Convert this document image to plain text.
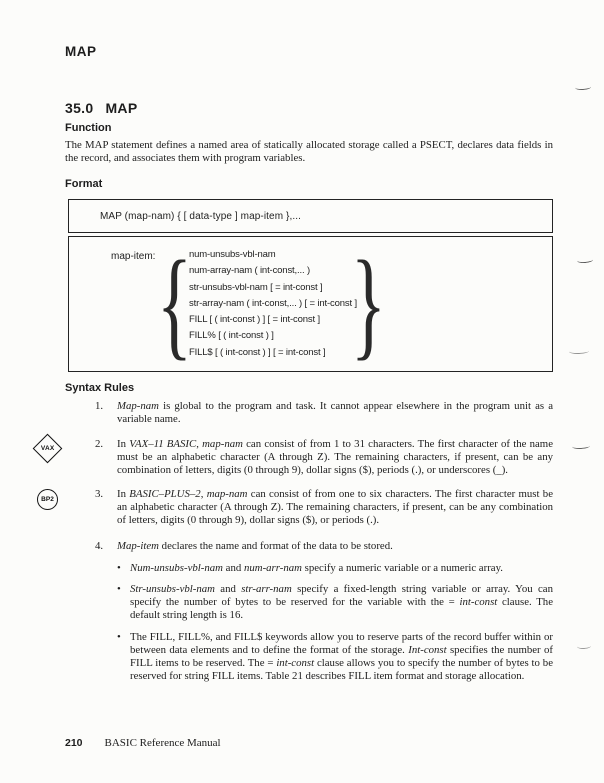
MAP
35.0 MAP
Function
The MAP statement defines a named area of statically allocated storage called a PSECT, declares data fields in the record, and associates them with program variables.
Format
MAP (map-nam) { [ data-type ] map-item },...
map-item: {
num-unsubs-vbl-nam
num-array-nam ( int-const,... )
str-unsubs-vbl-nam [ = int-const ]
str-array-nam ( int-const,... ) [ = int-const ]
FILL [ ( int-const ) ] [ = int-const ]
FILL% [ ( int-const ) ]
FILL$ [ ( int-const ) ] [ = int-const ] }
Syntax Rules
1.	Map-nam is global to the program and task. It cannot appear elsewhere in the program unit as a variable name.
2.	In VAX–11 BASIC, map-nam can consist of from 1 to 31 characters. The first character of the name must be an alphabetic character (A through Z). The remaining characters, if present, can be any combination of letters, digits (0 through 9), dollar signs ($), periods (.), or underscores (_).
3.	In BASIC–PLUS–2, map-nam can consist of from one to six characters. The first character must be an alphabetic character (A through Z). The remaining characters, if present, can be any combination of letters, digits (0 through 9), dollar signs ($), or periods (.).
4.	Map-item declares the name and format of the data to be stored.
• Num-unsubs-vbl-nam and num-arr-nam specify a numeric variable or a numeric array.
• Str-unsubs-vbl-nam and str-arr-nam specify a fixed-length string variable or array. You can specify the number of bytes to be reserved for the variable with the = int-const clause. The default string length is 16.
• The FILL, FILL%, and FILL$ keywords allow you to reserve parts of the record buffer within or between data elements and to define the format of the storage. Int-const specifies the number of FILL items to be reserved. The = int-const clause allows you to specify the number of bytes to be reserved for string FILL items. Table 21 describes FILL item format and storage allocation.
VAX
BP2
210 BASIC Reference Manual
